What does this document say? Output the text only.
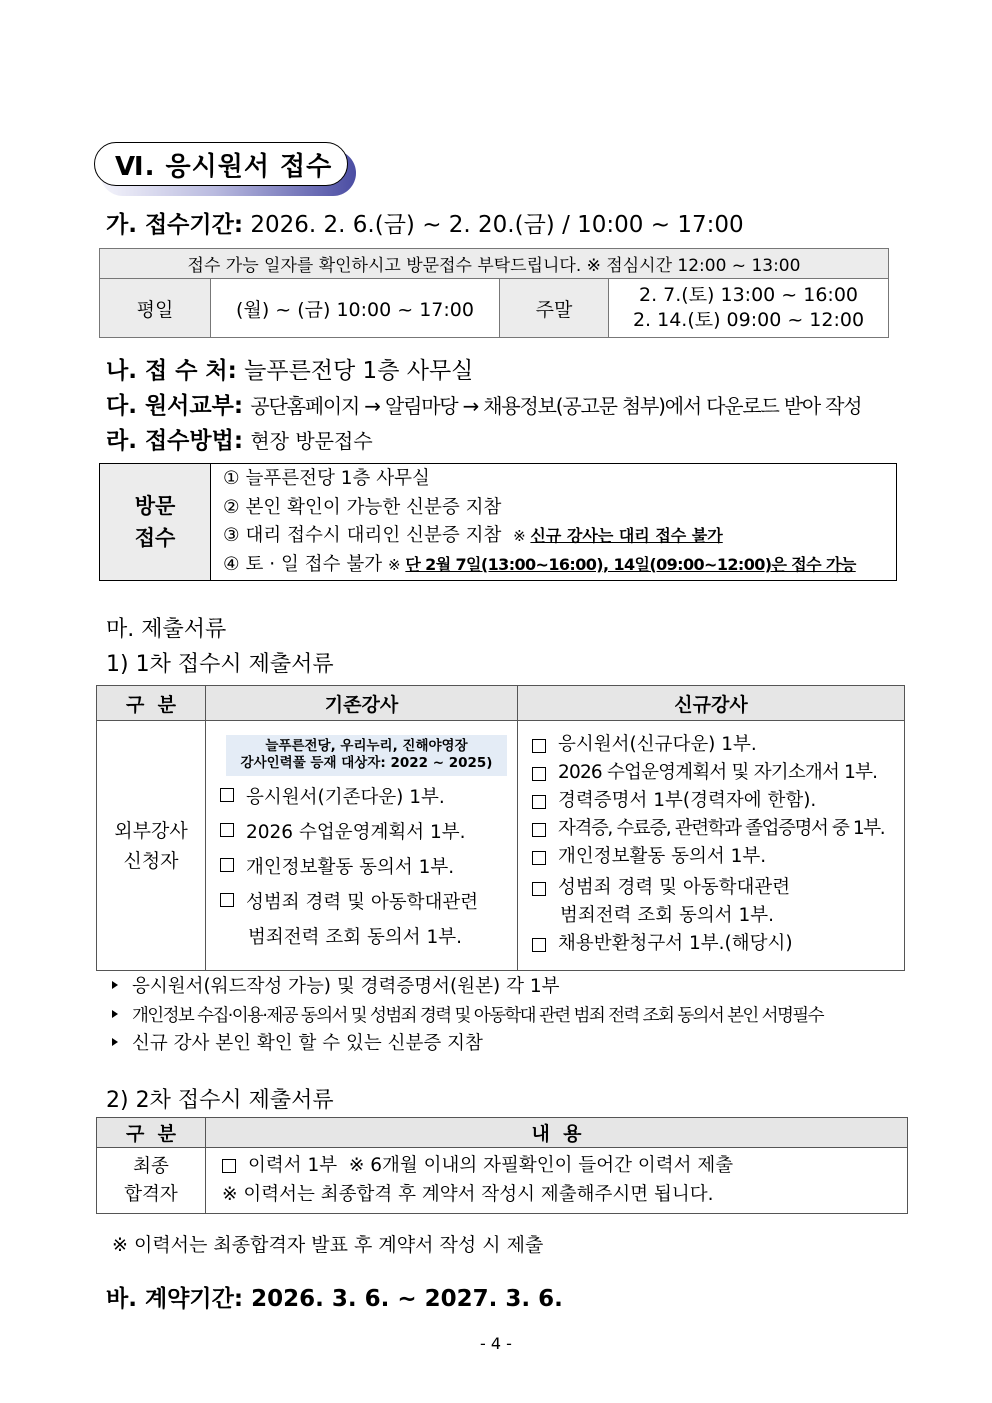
Ⅵ. 응시원서 접수
가. 접수기간: 2026. 2. 6.(금) ~ 2. 20.(금) / 10:00 ~ 17:00
접수 가능 일자를 확인하시고 방문접수 부탁드립니다. ※ 점심시간 12:00 ~ 13:00
평일	(월) ~ (금) 10:00 ~ 17:00	주말	
2. 7.(토) 13:00 ~ 16:00
2. 14.(토) 09:00 ~ 12:00
나. 접 수 처: 늘푸른전당 1층 사무실
다. 원서교부: 공단홈페이지 → 알림마당 → 채용정보(공고문 첨부)에서 다운로드 받아 작성
라. 접수방법: 현장 방문접수
방문
접수

① 늘푸른전당 1층 사무실
② 본인 확인이 가능한 신분증 지참
③ 대리 접수시 대리인 신분증 지참 ※ 신규 강사는 대리 접수 불가
④ 토 · 일 접수 불가 ※ 단 2월 7일(13:00~16:00), 14일(09:00~12:00)은 접수 가능
마. 제출서류
1) 1차 접수시 제출서류
구  분	기존강사	신규강사

외부강사
신청자

늘푸른전당, 우리누리, 진해야영장
강사인력풀 등재 대상자: 2022 ~ 2025)
응시원서(기존다운) 1부.
2026 수업운영계획서 1부.
개인정보활동 동의서 1부.
성범죄 경력 및 아동학대관련
범죄전력 조회 동의서 1부.

응시원서(신규다운) 1부.
2026 수업운영계획서 및 자기소개서 1부.
경력증명서 1부(경력자에 한함).
자격증, 수료증, 관련학과 졸업증명서 중 1부.
개인정보활동 동의서 1부.
성범죄 경력 및 아동학대관련
범죄전력 조회 동의서 1부.
채용반환청구서 1부.(해당시)
응시원서(워드작성 가능) 및 경력증명서(원본) 각 1부
개인정보 수집·이용·제공 동의서 및 성범죄 경력 및 아동학대 관련 범죄 전력 조회 동의서 본인 서명필수
신규 강사 본인 확인 할 수 있는 신분증 지참
2) 2차 접수시 제출서류
구  분	내  용

최종
합격자

이력서 1부  ※ 6개월 이내의 자필확인이 들어간 이력서 제출
※ 이력서는 최종합격 후 계약서 작성시 제출해주시면 됩니다.
※ 이력서는 최종합격자 발표 후 계약서 작성 시 제출
바. 계약기간: 2026. 3. 6. ~ 2027. 3. 6.
- 4 -
